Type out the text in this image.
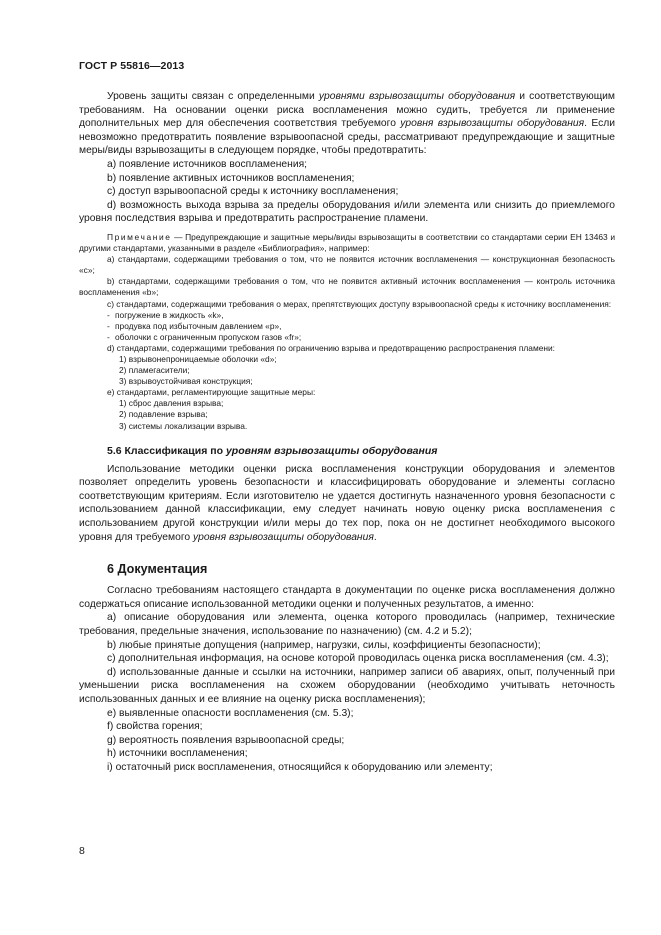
ГОСТ Р 55816—2013

Уровень защиты связан с определенными уровнями взрывозащиты оборудования и соответствующим требованиям. На основании оценки риска воспламенения можно судить, требуется ли применение дополнительных мер для обеспечения соответствия требуемого уровня взрывозащиты оборудования. Если невозможно предотвратить появление взрывоопасной среды, рассматривают предупреждающие и защитные меры/виды взрывозащиты в следующем порядке, чтобы предотвратить:

a) появление источников воспламенения;

b) появление активных источников воспламенения;

c) доступ взрывоопасной среды к источнику воспламенения;

d) возможность выхода взрыва за пределы оборудования и/или элемента или снизить до приемлемого уровня последствия взрыва и предотвратить распространение пламени.

Примечание — Предупреждающие и защитные меры/виды взрывозащиты в соответствии со стандартами серии ЕН 13463 и другими стандартами, указанными в разделе «Библиография», например:

a) стандартами, содержащими требования о том, что не появится источник воспламенения — конструкционная безопасность «c»;

b) стандартами, содержащими требования о том, что не появится активный источник воспламенения — контроль источника воспламенения «b»;

c) стандартами, содержащими требования о мерах, препятствующих доступу взрывоопасной среды к источнику воспламенения:

- погружение в жидкость «k»,

- продувка под избыточным давлением «p»,

- оболочки с ограниченным пропуском газов «fr»;

d) стандартами, содержащими требования по ограничению взрыва и предотвращению распространения пламени:

1) взрывонепроницаемые оболочки «d»;

2) пламегасители;

3) взрывоустойчивая конструкция;

e) стандартами, регламентирующие защитные меры:

1) сброс давления взрыва;

2) подавление взрыва;

3) системы локализации взрыва.

5.6 Классификация по уровням взрывозащиты оборудования

Использование методики оценки риска воспламенения конструкции оборудования и элементов позволяет определить уровень безопасности и классифицировать оборудование и элементы согласно соответствующим критериям. Если изготовителю не удается достигнуть назначенного уровня безопасности с использованием данной классификации, ему следует начинать новую оценку риска воспламенения с использованием другой конструкции и/или меры до тех пор, пока он не достигнет необходимого высокого уровня для требуемого уровня взрывозащиты оборудования.

6 Документация

Согласно требованиям настоящего стандарта в документации по оценке риска воспламенения должно содержаться описание использованной методики оценки и полученных результатов, а именно:

a) описание оборудования или элемента, оценка которого проводилась (например, технические требования, предельные значения, использование по назначению) (см. 4.2 и 5.2);

b) любые принятые допущения (например, нагрузки, силы, коэффициенты безопасности);

c) дополнительная информация, на основе которой проводилась оценка риска воспламенения (см. 4.3);

d) использованные данные и ссылки на источники, например записи об авариях, опыт, полученный при уменьшении риска воспламенения на схожем оборудовании (необходимо учитывать неточность использованных данных и ее влияние на оценку риска воспламенения);

e) выявленные опасности воспламенения (см. 5.3);

f) свойства горения;

g) вероятность появления взрывоопасной среды;

h) источники воспламенения;

i) остаточный риск воспламенения, относящийся к оборудованию или элементу;

8
